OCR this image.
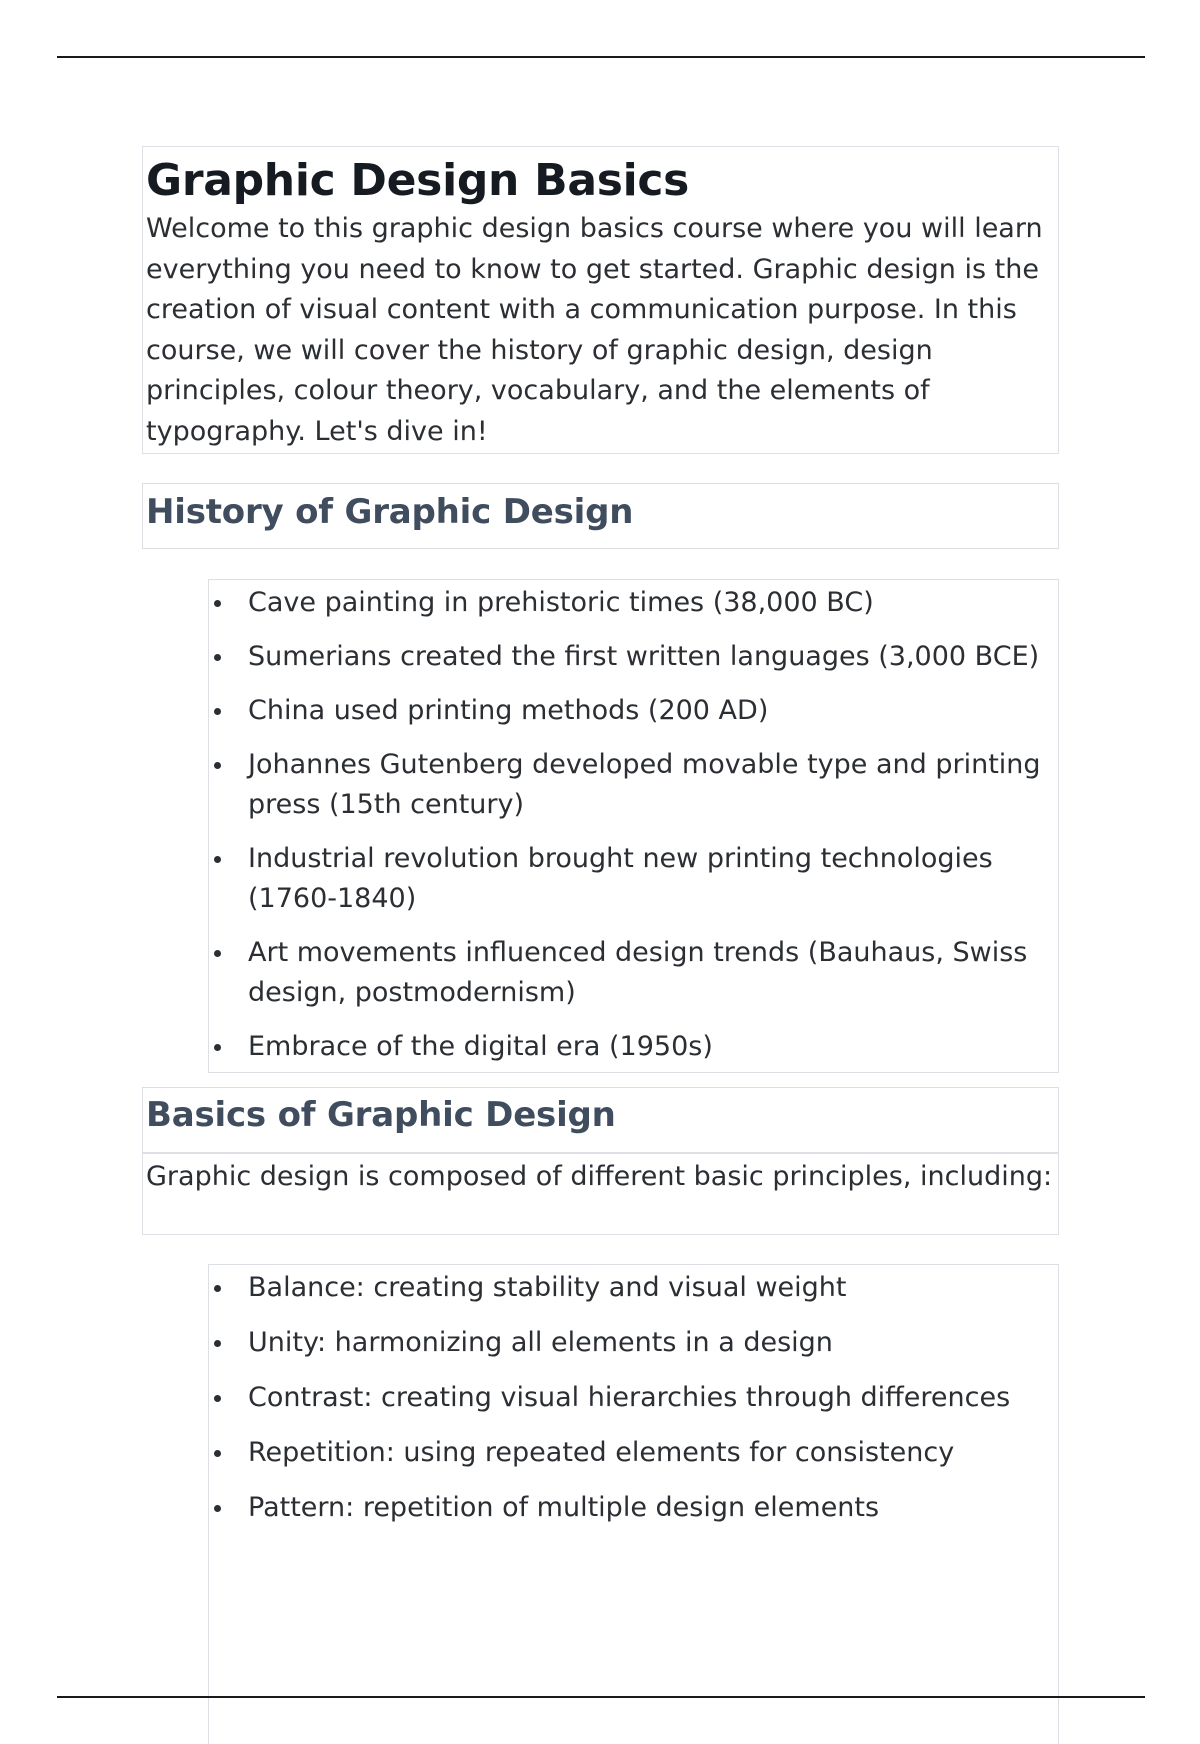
Graphic Design Basics

Welcome to this graphic design basics course where you will learn everything you need to know to get started. Graphic design is the creation of visual content with a communication purpose. In this course, we will cover the history of graphic design, design principles, colour theory, vocabulary, and the elements of typography. Let's dive in!

History of Graphic Design
Cave painting in prehistoric times (38,000 BC)
Sumerians created the first written languages (3,000 BCE)
China used printing methods (200 AD)
Johannes Gutenberg developed movable type and printing press (15th century)
Industrial revolution brought new printing technologies (1760-1840)
Art movements influenced design trends (Bauhaus, Swiss design, postmodernism)
Embrace of the digital era (1950s)
Basics of Graphic Design

Graphic design is composed of different basic principles, including:

Balance: creating stability and visual weight
Unity: harmonizing all elements in a design
Contrast: creating visual hierarchies through differences
Repetition: using repeated elements for consistency
Pattern: repetition of multiple design elements
